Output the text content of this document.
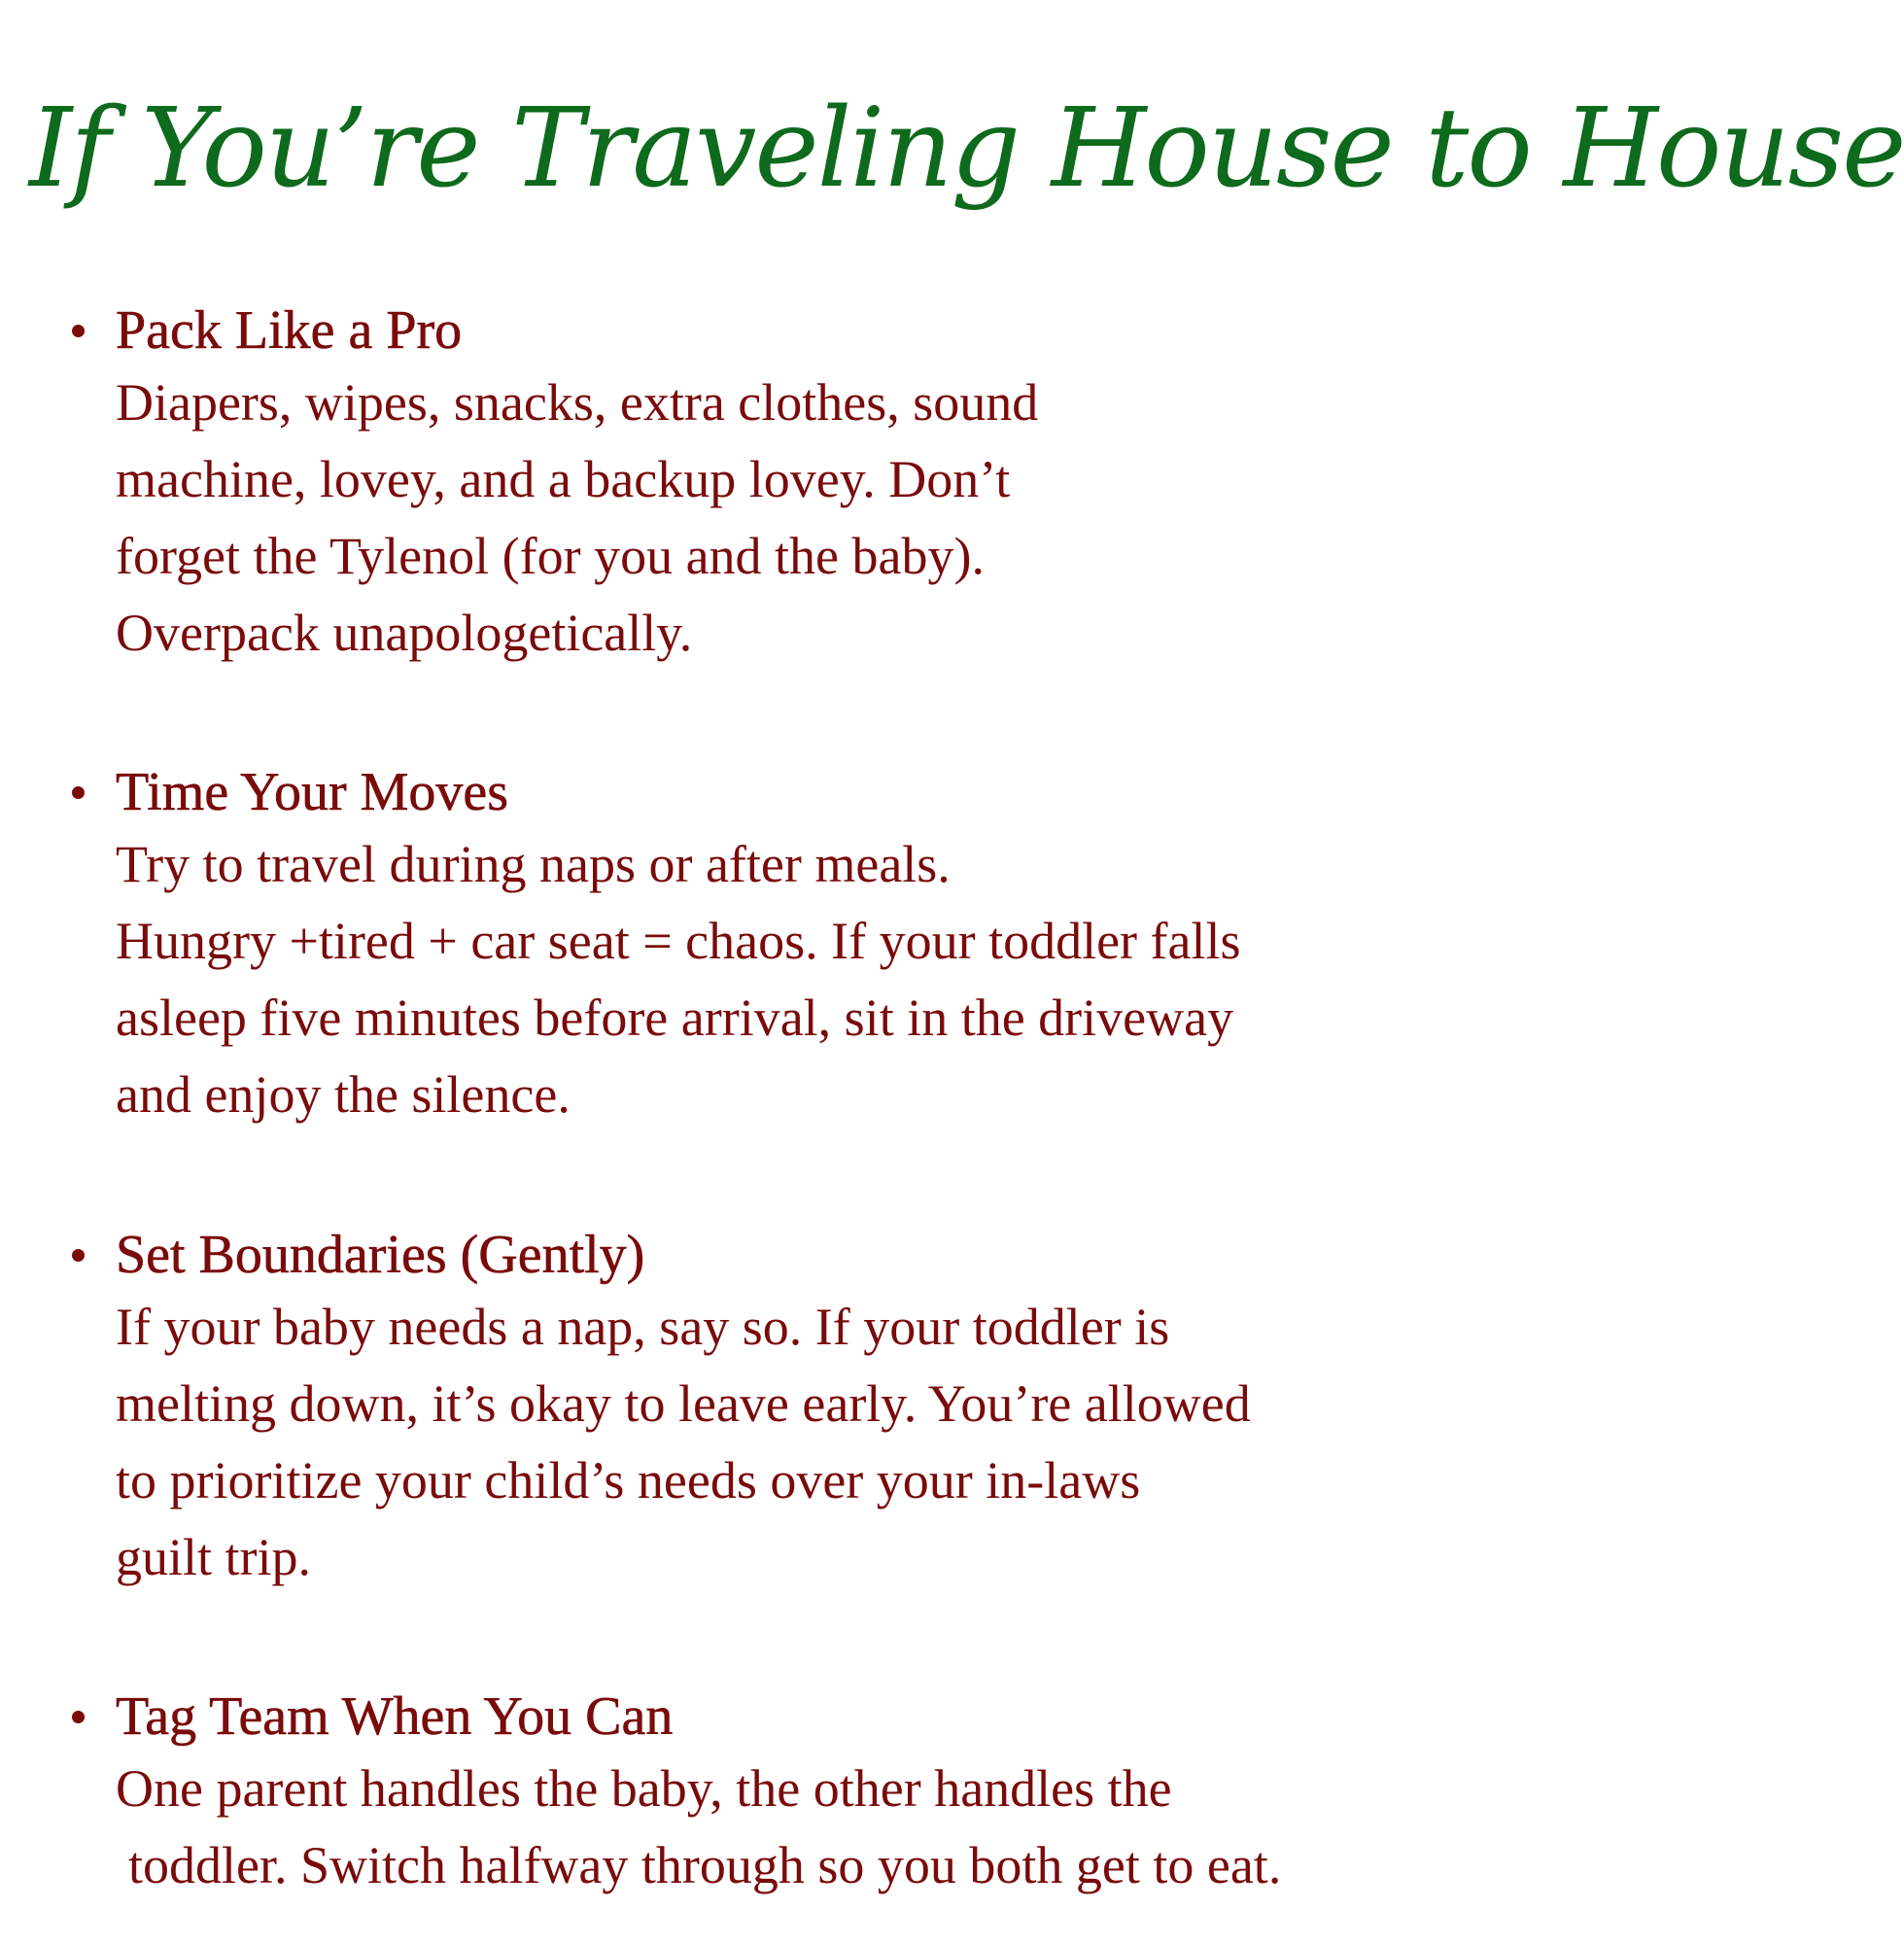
If You’re Traveling House to House
Pack Like a Pro

Diapers, wipes, snacks, extra clothes, sound
machine, lovey, and a backup lovey. Don’t
forget the Tylenol (for you and the baby).
Overpack unapologetically.

Time Your Moves

Try to travel during naps or after meals.
Hungry +tired + car seat = chaos. If your toddler falls
asleep five minutes before arrival, sit in the driveway
and enjoy the silence.

Set Boundaries (Gently)

If your baby needs a nap, say so. If your toddler is
melting down, it’s okay to leave early. You’re allowed
to prioritize your child’s needs over your in-laws
guilt trip.

Tag Team When You Can

One parent handles the baby, the other handles the
toddler. Switch halfway through so you both get to eat.
